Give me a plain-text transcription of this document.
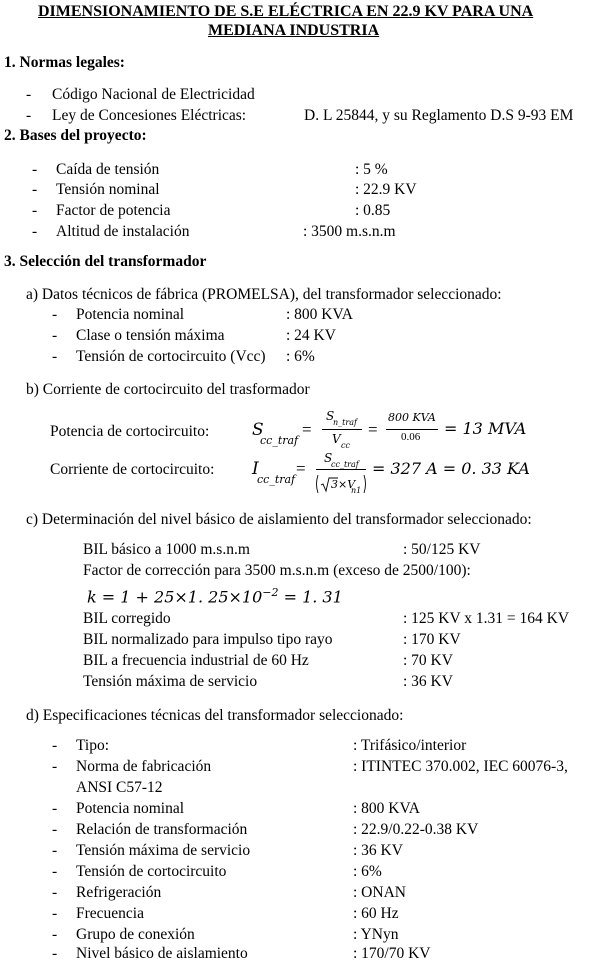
DIMENSIONAMIENTO DE S.E ELÉCTRICA EN 22.9 KV PARA UNA
MEDIANA INDUSTRIA
1. Normas legales:
- Código Nacional de Electricidad
- Ley de Concesiones Eléctricas:	D. L 25844, y su Reglamento D.S 9-93 EM
2. Bases del proyecto:
- Caída de tensión	: 5 %
- Tensión nominal	: 22.9 KV
- Factor de potencia	: 0.85
- Altitud de instalación	: 3500 m.s.n.m
3. Selección del transformador
a) Datos técnicos de fábrica (PROMELSA), del transformador seleccionado:
- Potencia nominal	: 800 KVA
- Clase o tensión máxima	: 24 KV
- Tensión de cortocircuito (Vcc) : 6%
b) Corriente de cortocircuito del trasformador
Potencia de cortocircuito:
Corriente de cortocircuito:
S
cc_traf
=
S
n_traf
V cc
=
800 KVA
0.06 = 13 MVA
I
cc_traf
=
S
cc_traf
3×V
n1
= 327 A = 0. 33 KA
c) Determinación del nivel básico de aislamiento del transformador seleccionado:
BIL básico a 1000 m.s.n.m	: 50/125 KV
Factor de corrección para 3500 m.s.n.m (exceso de 2500/100):
k = 1 + 25×1. $25\times 10^{-2} = 1$. 31
BIL corregido	: 125 KV x 1.31 = 164 KV
BIL normalizado para impulso tipo rayo	: 170 KV
BIL a frecuencia industrial de 60 Hz	: 70 KV
Tensión máxima de servicio	: 36 KV
d) Especificaciones técnicas del transformador seleccionado:
- Tipo:	: Trifásico/interior
- Norma de fabricación	: ITINTEC 370.002, IEC 60076-3,
ANSI C57-12
- Potencia nominal	: 800 KVA
- Relación de transformación	: 22.9/0.22-0.38 KV
- Tensión máxima de servicio	: 36 KV
- Tensión de cortocircuito	: 6%
- Refrigeración	: ONAN
- Frecuencia	: 60 Hz
- Grupo de conexión	: YNyn
- Nivel básico de aislamiento	: 170/70 KV
